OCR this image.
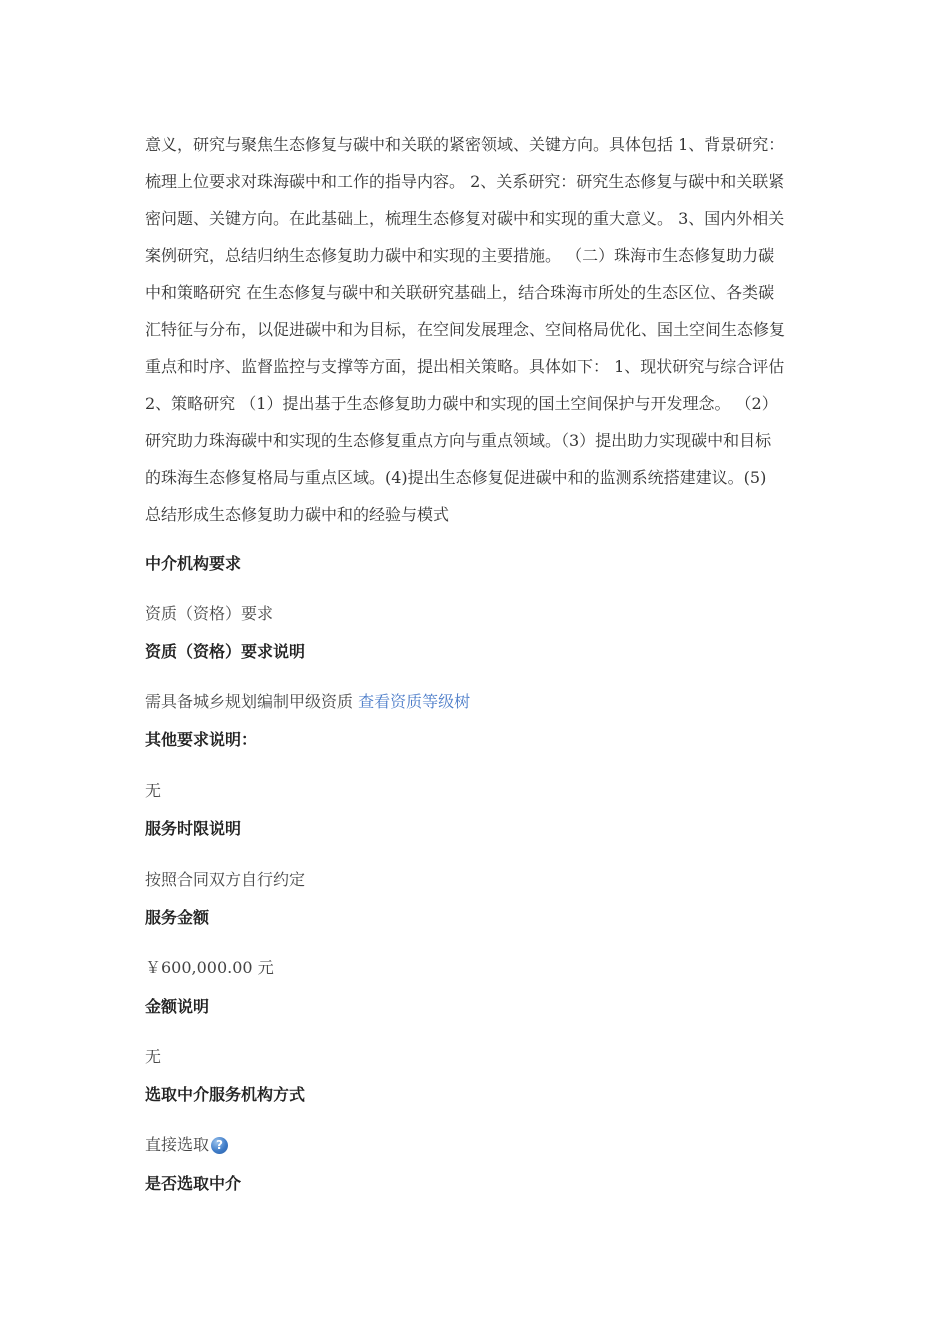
意义，研究与聚焦生态修复与碳中和关联的紧密领域、关键方向。具体包括 1、背景研究：

梳理上位要求对珠海碳中和工作的指导内容。 2、关系研究：研究生态修复与碳中和关联紧

密问题、关键方向。在此基础上，梳理生态修复对碳中和实现的重大意义。 3、国内外相关

案例研究，总结归纳生态修复助力碳中和实现的主要措施。 （二）珠海市生态修复助力碳

中和策略研究 在生态修复与碳中和关联研究基础上，结合珠海市所处的生态区位、各类碳

汇特征与分布，以促进碳中和为目标，在空间发展理念、空间格局优化、国土空间生态修复

重点和时序、监督监控与支撑等方面，提出相关策略。具体如下： 1、现状研究与综合评估

2、策略研究 （1）提出基于生态修复助力碳中和实现的国土空间保护与开发理念。 （2）

研究助力珠海碳中和实现的生态修复重点方向与重点领域。（3）提出助力实现碳中和目标

的珠海生态修复格局与重点区域。(4)提出生态修复促进碳中和的监测系统搭建建议。(5)

总结形成生态修复助力碳中和的经验与模式

中介机构要求

资质（资格）要求

资质（资格）要求说明

需具备城乡规划编制甲级资质 查看资质等级树

其他要求说明：

无

服务时限说明

按照合同双方自行约定

服务金额

￥600,000.00 元

金额说明

无

选取中介服务机构方式

直接选取 ?

是否选取中介
